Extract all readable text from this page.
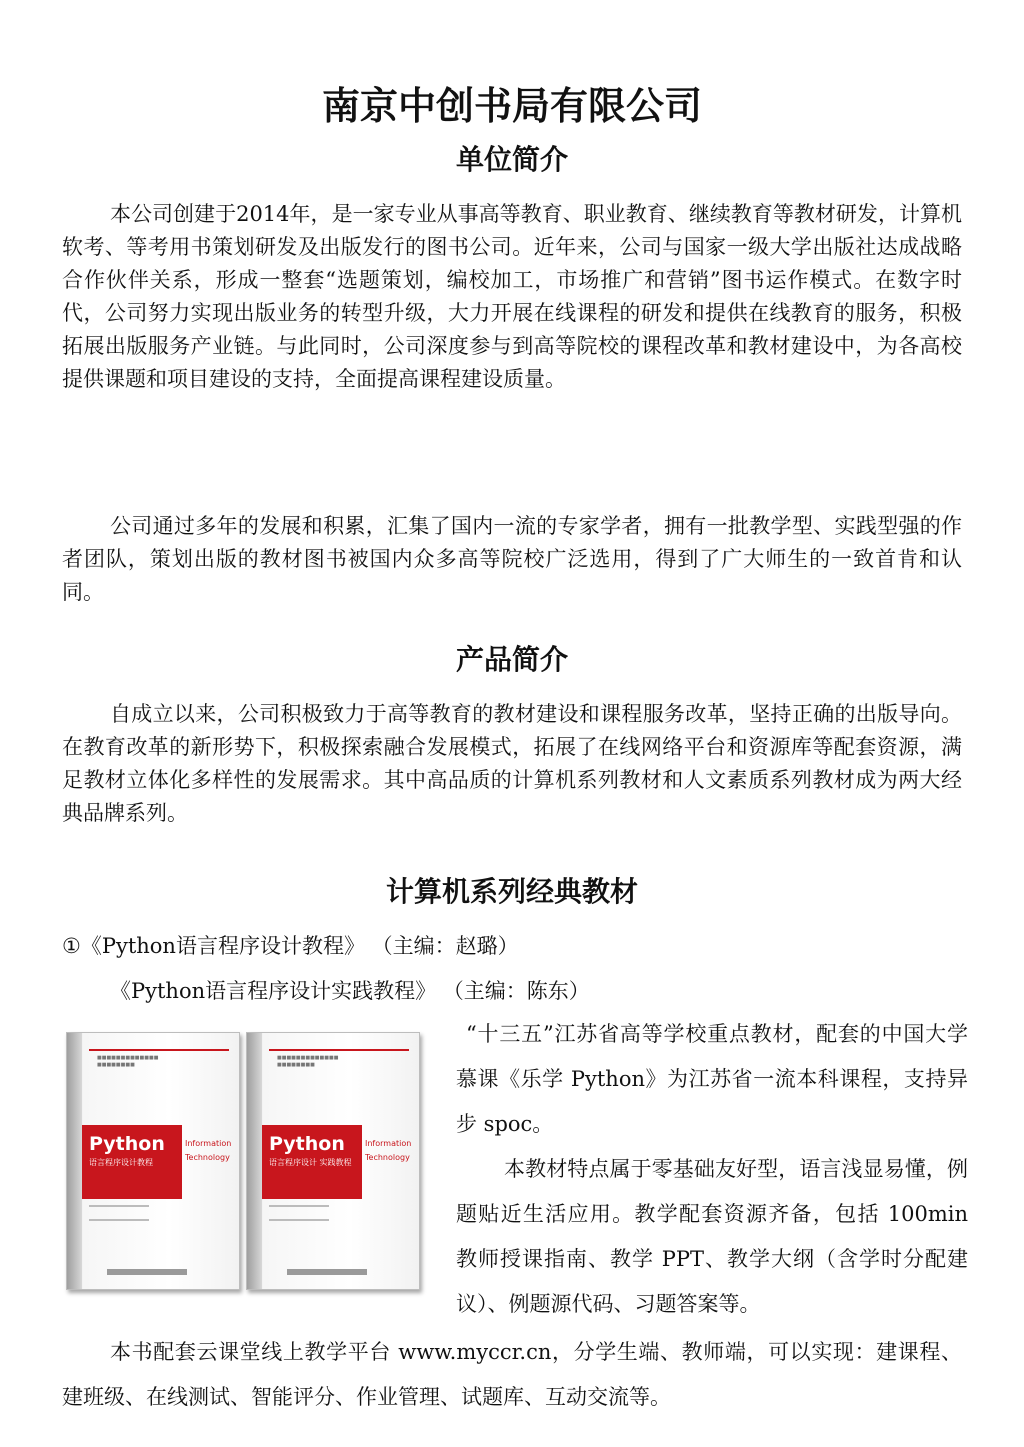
南京中创书局有限公司
单位简介

本公司创建于2014年，是一家专业从事高等教育、职业教育、继续教育等教材研发，计算机软考、等考用书策划研发及出版发行的图书公司。近年来，公司与国家一级大学出版社达成战略合作伙伴关系，形成一整套“选题策划，编校加工，市场推广和营销”图书运作模式。在数字时代，公司努力实现出版业务的转型升级，大力开展在线课程的研发和提供在线教育的服务，积极拓展出版服务产业链。与此同时，公司深度参与到高等院校的课程改革和教材建设中，为各高校提供课题和项目建设的支持，全面提高课程建设质量。

公司通过多年的发展和积累，汇集了国内一流的专家学者，拥有一批教学型、实践型强的作者团队，策划出版的教材图书被国内众多高等院校广泛选用，得到了广大师生的一致首肯和认同。

产品简介

自成立以来，公司积极致力于高等教育的教材建设和课程服务改革，坚持正确的出版导向。在教育改革的新形势下，积极探索融合发展模式，拓展了在线网络平台和资源库等配套资源，满足教材立体化多样性的发展需求。其中高品质的计算机系列教材和人文素质系列教材成为两大经典品牌系列。

计算机系列经典教材

①《Python语言程序设计教程》 （主编：赵璐）

《Python语言程序设计实践教程》 （主编：陈东）

■■■■■■■■■■■■■
■■■■■■■■
Python
语言程序设计教程
Information Technology
■■■■■■■■■■■■■
■■■■■■■■
Python
语言程序设计 实践教程
Information Technology

“十三五”江苏省高等学校重点教材，配套的中国大学慕课《乐学 Python》为江苏省一流本科课程，支持异步 spoc。

本教材特点属于零基础友好型，语言浅显易懂，例题贴近生活应用。教学配套资源齐备，包括 100min 教师授课指南、教学 PPT、教学大纲（含学时分配建议）、例题源代码、习题答案等。

本书配套云课堂线上教学平台 www.myccr.cn，分学生端、教师端，可以实现：建课程、建班级、在线测试、智能评分、作业管理、试题库、互动交流等。
